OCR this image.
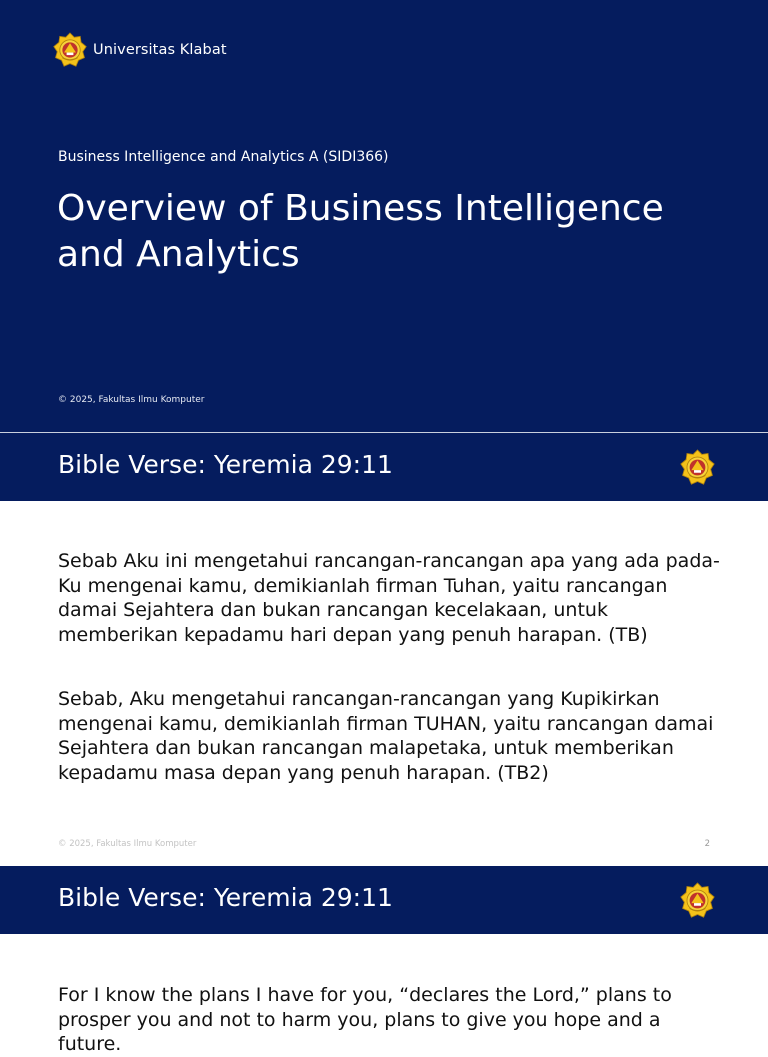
Universitas Klabat
Business Intelligence and Analytics A (SIDI366)
Overview of Business Intelligence and Analytics
© 2025, Fakultas Ilmu Komputer
Bible Verse: Yeremia 29:11

Sebab Aku ini mengetahui rancangan-rancangan apa yang ada pada-Ku mengenai kamu, demikianlah firman Tuhan, yaitu rancangan damai Sejahtera dan bukan rancangan kecelakaan, untuk memberikan kepadamu hari depan yang penuh harapan. (TB)

Sebab, Aku mengetahui rancangan-rancangan yang Kupikirkan mengenai kamu, demikianlah firman TUHAN, yaitu rancangan damai Sejahtera dan bukan rancangan malapetaka, untuk memberikan kepadamu masa depan yang penuh harapan. (TB2)

© 2025, Fakultas Ilmu Komputer	2
Bible Verse: Yeremia 29:11

For I know the plans I have for you, “declares the Lord,” plans to prosper you and not to harm you, plans to give you hope and a future.
